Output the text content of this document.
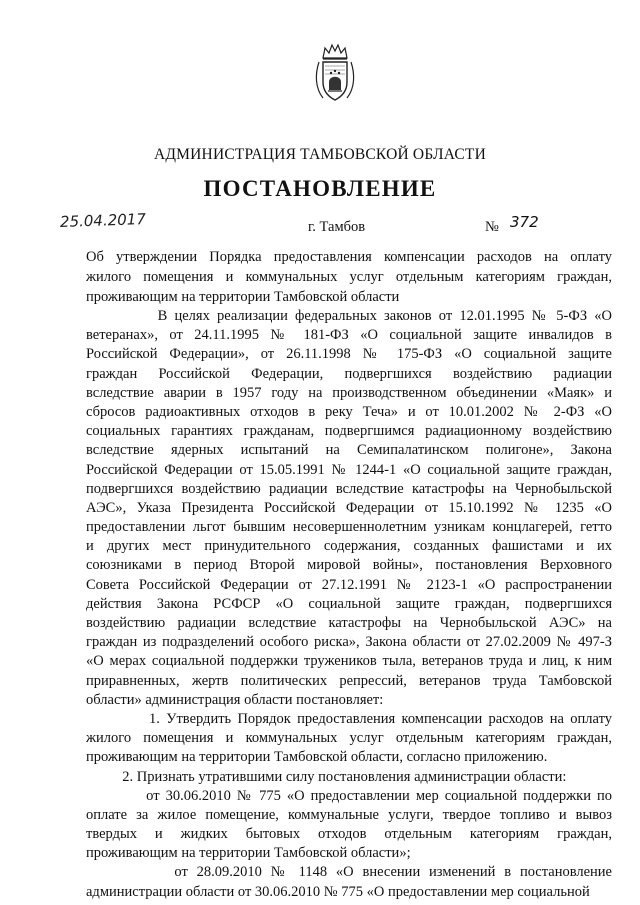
АДМИНИСТРАЦИЯ ТАМБОВСКОЙ ОБЛАСТИ
ПОСТАНОВЛЕНИЕ
25.04.2017	г. Тамбов	№ 372
Об утверждении Порядка предоставления компенсации расходов на оплату
жилого помещения и коммунальных услуг отдельным категориям граждан,
проживающим на территории Тамбовской области
В целях реализации федеральных законов от 12.01.1995 № 5-ФЗ «О
ветеранах», от 24.11.1995 № 181-ФЗ «О социальной защите инвалидов в
Российской Федерации», от 26.11.1998 № 175-ФЗ «О социальной защите
граждан Российской Федерации, подвергшихся воздействию радиации
вследствие аварии в 1957 году на производственном объединении «Маяк» и
сбросов радиоактивных отходов в реку Теча» и от 10.01.2002 № 2-ФЗ «О
социальных гарантиях гражданам, подвергшимся радиационному воздействию
вследствие ядерных испытаний на Семипалатинском полигоне», Закона
Российской Федерации от 15.05.1991 № 1244-1 «О социальной защите граждан,
подвергшихся воздействию радиации вследствие катастрофы на Чернобыльской
АЭС», Указа Президента Российской Федерации от 15.10.1992 № 1235 «О
предоставлении льгот бывшим несовершеннолетним узникам концлагерей, гетто
и других мест принудительного содержания, созданных фашистами и их
союзниками в период Второй мировой войны», постановления Верховного
Совета Российской Федерации от 27.12.1991 № 2123-1 «О распространении
действия Закона РСФСР «О социальной защите граждан, подвергшихся
воздействию радиации вследствие катастрофы на Чернобыльской АЭС» на
граждан из подразделений особого риска», Закона области от 27.02.2009 № 497-З
«О мерах социальной поддержки тружеников тыла, ветеранов труда и лиц, к ним
приравненных, жертв политических репрессий, ветеранов труда Тамбовской
области» администрация области постановляет:
1. Утвердить Порядок предоставления компенсации расходов на оплату
жилого помещения и коммунальных услуг отдельным категориям граждан,
проживающим на территории Тамбовской области, согласно приложению.
2. Признать утратившими силу постановления администрации области:
от 30.06.2010 № 775 «О предоставлении мер социальной поддержки по
оплате за жилое помещение, коммунальные услуги, твердое топливо и вывоз
твердых и жидких бытовых отходов отдельным категориям граждан,
проживающим на территории Тамбовской области»;
от 28.09.2010 № 1148 «О внесении изменений в постановление
администрации области от 30.06.2010 № 775 «О предоставлении мер социальной
